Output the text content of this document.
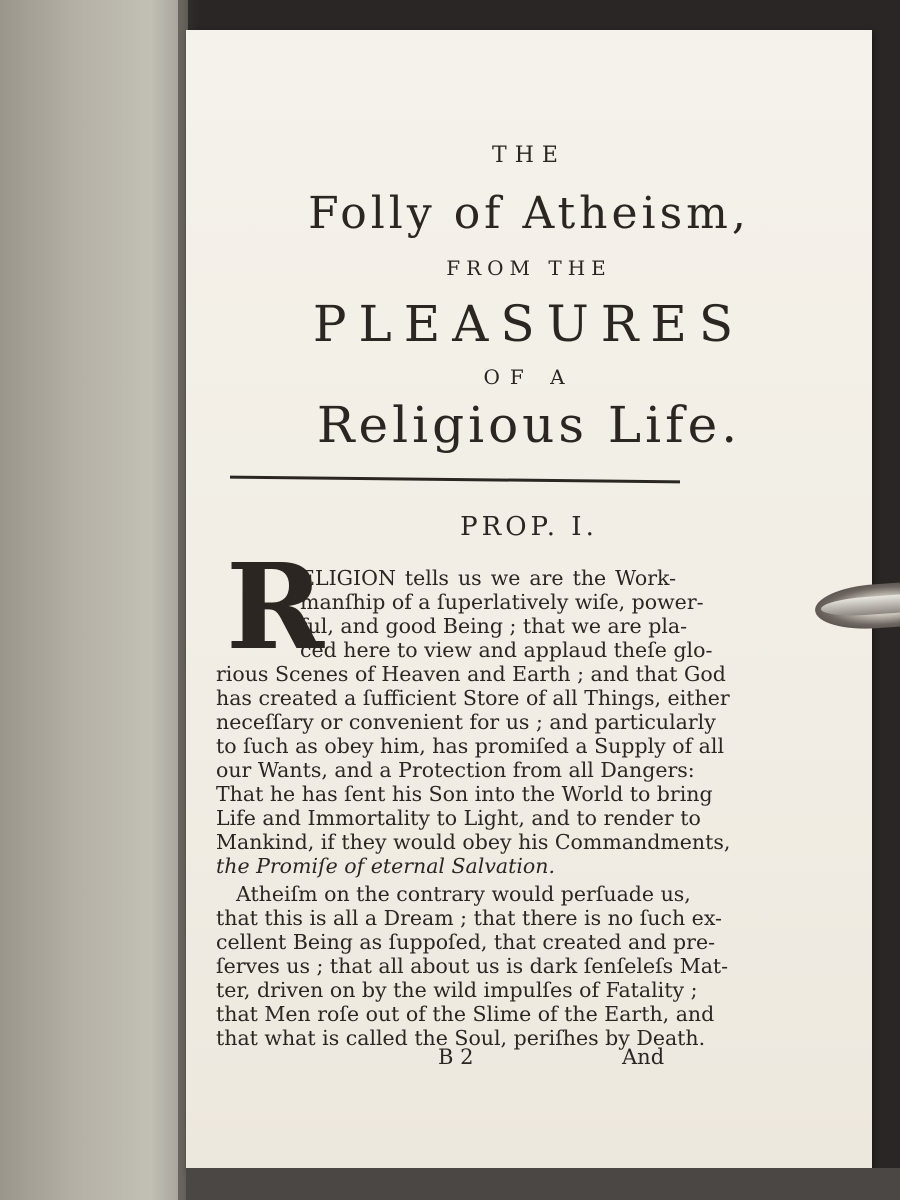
THE
Folly of Atheism,
FROM THE
PLEASURES
OF A
Religious Life.
PROP. I.
R
ELIGION tells us we are the Work-
manſhip of a ſuperlatively wiſe, power-
ful, and good Being ; that we are pla-
ced here to view and applaud theſe glo-
rious Scenes of Heaven and Earth ; and that God
has created a ſufficient Store of all Things, either
neceſſary or convenient for us ; and particularly
to ſuch as obey him, has promiſed a Supply of all
our Wants, and a Protection from all Dangers:
That he has ſent his Son into the World to bring
Life and Immortality to Light, and to render to
Mankind, if they would obey his Commandments,
the Promiſe of eternal Salvation.
Atheiſm on the contrary would perſuade us,
that this is all a Dream ; that there is no ſuch ex-
cellent Being as ſuppoſed, that created and pre-
ſerves us ; that all about us is dark ſenſeleſs Mat-
ter, driven on by the wild impulſes of Fatality ;
that Men roſe out of the Slime of the Earth, and
that what is called the Soul, periſhes by Death.
B 2	And
